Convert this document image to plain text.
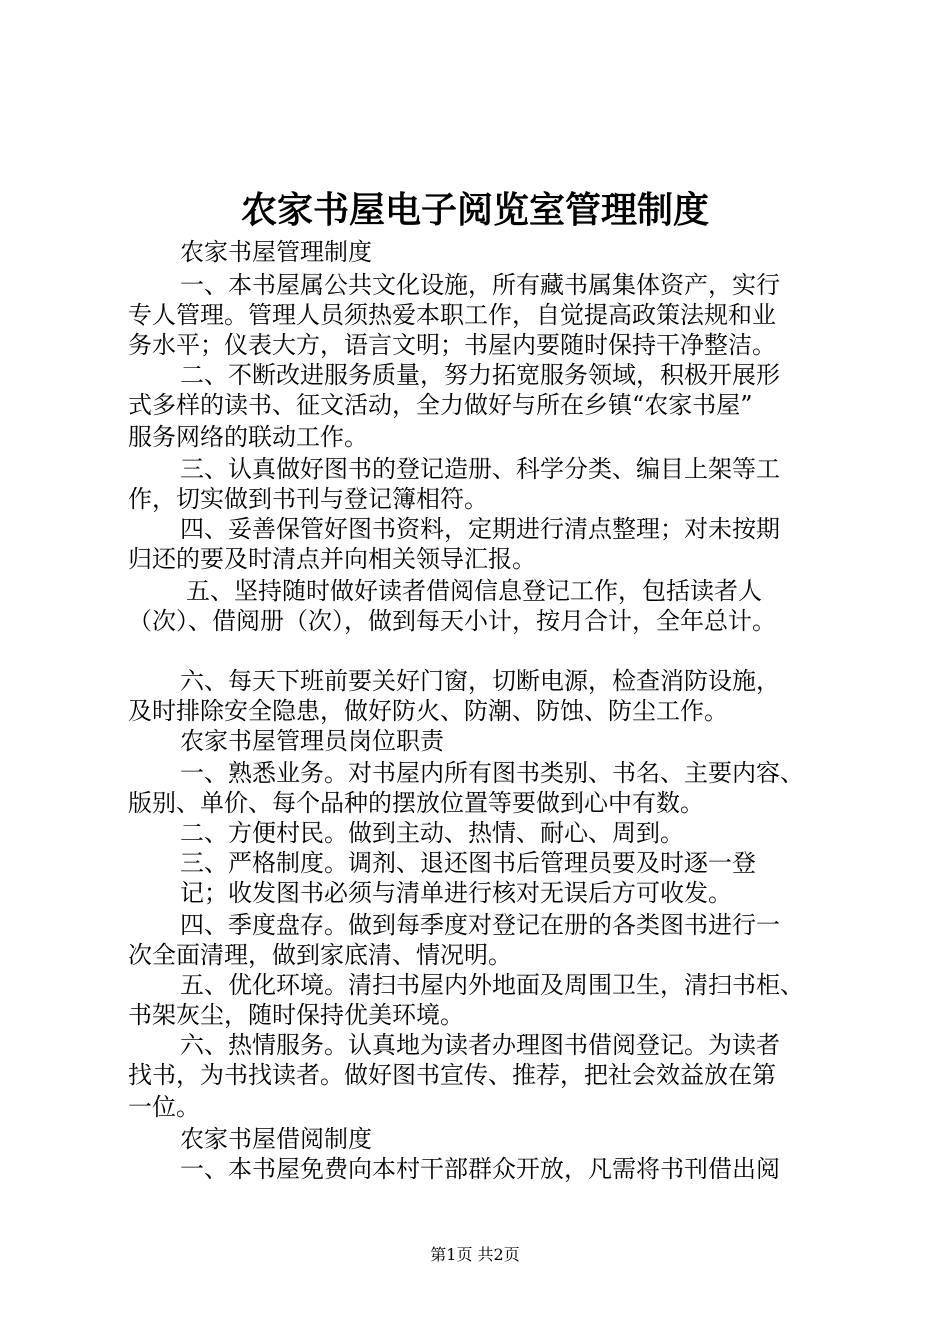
农家书屋电子阅览室管理制度

农家书屋管理制度

一、本书屋属公共文化设施，所有藏书属集体资产，实行

专人管理。管理人员须热爱本职工作，自觉提高政策法规和业

务水平；仪表大方，语言文明；书屋内要随时保持干净整洁。

二、不断改进服务质量，努力拓宽服务领域，积极开展形

式多样的读书、征文活动，全力做好与所在乡镇“农家书屋”

服务网络的联动工作。

三、认真做好图书的登记造册、科学分类、编目上架等工

作，切实做到书刊与登记簿相符。

四、妥善保管好图书资料，定期进行清点整理；对未按期

归还的要及时清点并向相关领导汇报。

五、坚持随时做好读者借阅信息登记工作，包括读者人

（次）、借阅册（次），做到每天小计，按月合计，全年总计。

六、每天下班前要关好门窗，切断电源，检查消防设施，

及时排除安全隐患，做好防火、防潮、防蚀、防尘工作。

农家书屋管理员岗位职责

一、熟悉业务。对书屋内所有图书类别、书名、主要内容、

版别、单价、每个品种的摆放位置等要做到心中有数。

二、方便村民。做到主动、热情、耐心、周到。

三、严格制度。调剂、退还图书后管理员要及时逐一登

记；收发图书必须与清单进行核对无误后方可收发。

四、季度盘存。做到每季度对登记在册的各类图书进行一

次全面清理，做到家底清、情况明。

五、优化环境。清扫书屋内外地面及周围卫生，清扫书柜、

书架灰尘，随时保持优美环境。

六、热情服务。认真地为读者办理图书借阅登记。为读者

找书，为书找读者。做好图书宣传、推荐，把社会效益放在第

一位。

农家书屋借阅制度

一、本书屋免费向本村干部群众开放，凡需将书刊借出阅

第1页 共2页
